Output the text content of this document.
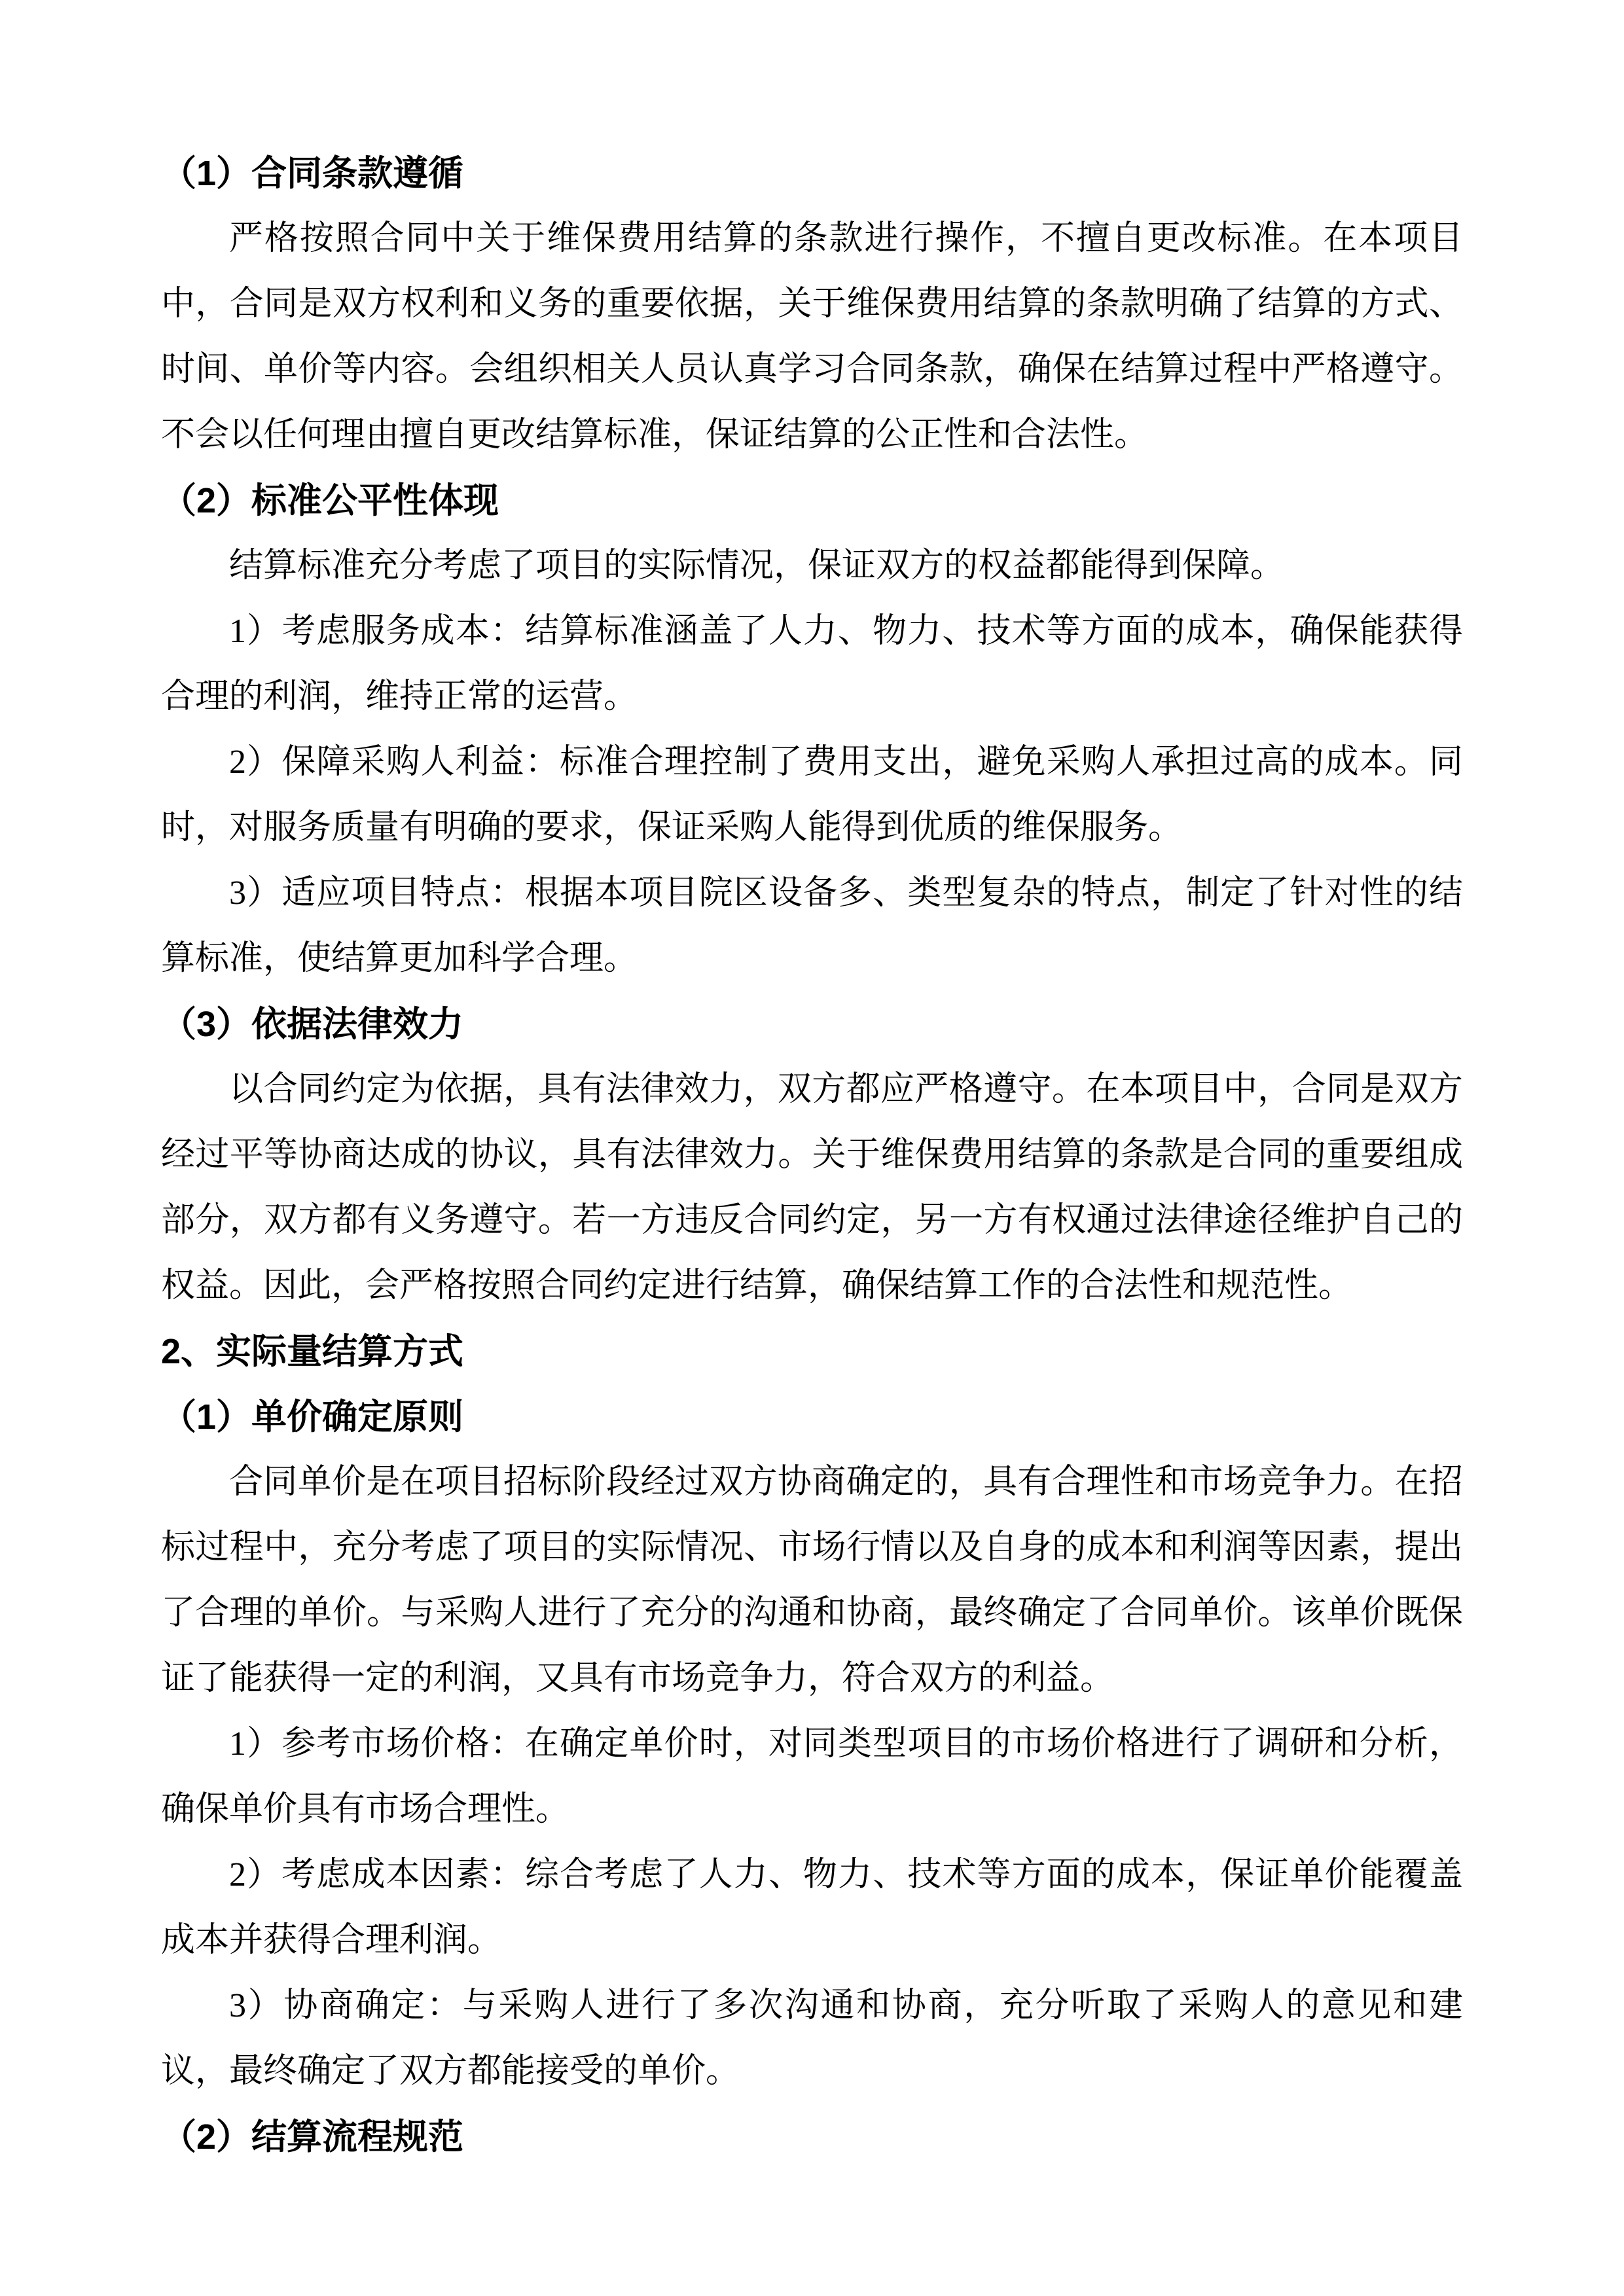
（1）合同条款遵循

严格按照合同中关于维保费用结算的条款进行操作，不擅自更改标准。在本项目中，合同是双方权利和义务的重要依据，关于维保费用结算的条款明确了结算的方式、时间、单价等内容。会组织相关人员认真学习合同条款，确保在结算过程中严格遵守。不会以任何理由擅自更改结算标准，保证结算的公正性和合法性。

（2）标准公平性体现

结算标准充分考虑了项目的实际情况，保证双方的权益都能得到保障。

1）考虑服务成本：结算标准涵盖了人力、物力、技术等方面的成本，确保能获得合理的利润，维持正常的运营。

2）保障采购人利益：标准合理控制了费用支出，避免采购人承担过高的成本。同时，对服务质量有明确的要求，保证采购人能得到优质的维保服务。

3）适应项目特点：根据本项目院区设备多、类型复杂的特点，制定了针对性的结算标准，使结算更加科学合理。

（3）依据法律效力

以合同约定为依据，具有法律效力，双方都应严格遵守。在本项目中，合同是双方经过平等协商达成的协议，具有法律效力。关于维保费用结算的条款是合同的重要组成部分，双方都有义务遵守。若一方违反合同约定，另一方有权通过法律途径维护自己的权益。因此，会严格按照合同约定进行结算，确保结算工作的合法性和规范性。

2、实际量结算方式
（1）单价确定原则

合同单价是在项目招标阶段经过双方协商确定的，具有合理性和市场竞争力。在招标过程中，充分考虑了项目的实际情况、市场行情以及自身的成本和利润等因素，提出了合理的单价。与采购人进行了充分的沟通和协商，最终确定了合同单价。该单价既保证了能获得一定的利润，又具有市场竞争力，符合双方的利益。

1）参考市场价格：在确定单价时，对同类型项目的市场价格进行了调研和分析，确保单价具有市场合理性。

2）考虑成本因素：综合考虑了人力、物力、技术等方面的成本，保证单价能覆盖成本并获得合理利润。

3）协商确定：与采购人进行了多次沟通和协商，充分听取了采购人的意见和建议，最终确定了双方都能接受的单价。

（2）结算流程规范
